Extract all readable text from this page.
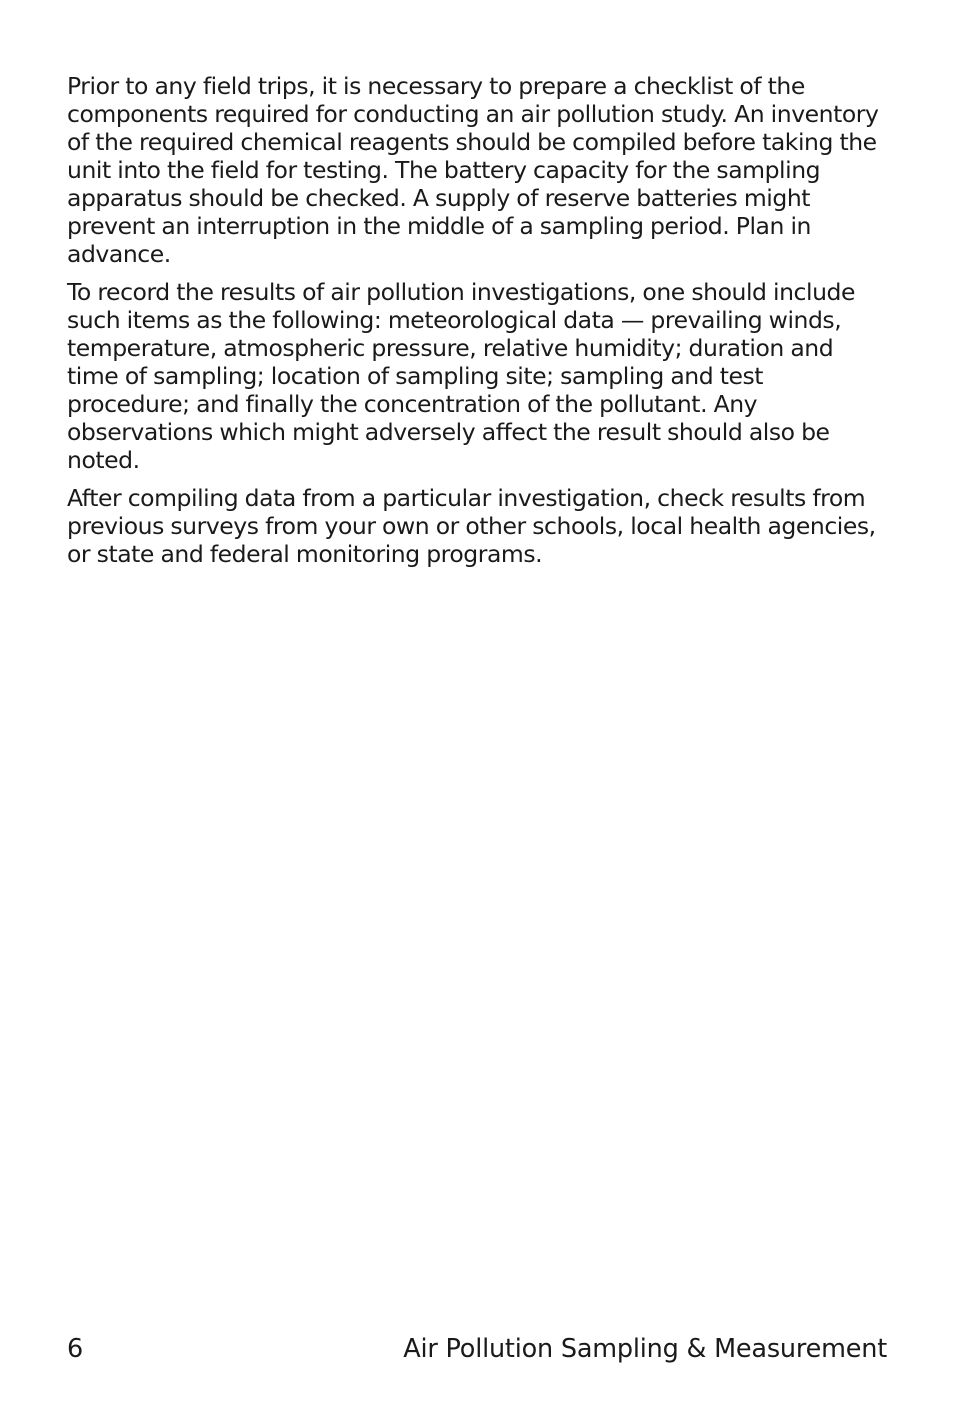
Prior to any field trips, it is necessary to prepare a checklist of the components required for conducting an air pollution study. An inventory of the required chemical reagents should be compiled before taking the unit into the field for testing. The battery capacity for the sampling apparatus should be checked. A supply of reserve batteries might prevent an interruption in the middle of a sampling period. Plan in advance.

To record the results of air pollution investigations, one should include such items as the following: meteorological data — prevailing winds, temperature, atmospheric pressure, relative humidity; duration and time of sampling; location of sampling site; sampling and test procedure; and finally the concentration of the pollutant. Any observations which might adversely affect the result should also be noted.

After compiling data from a particular investigation, check results from previous surveys from your own or other schools, local health agencies, or state and federal monitoring programs.

6	Air Pollution Sampling & Measurement
